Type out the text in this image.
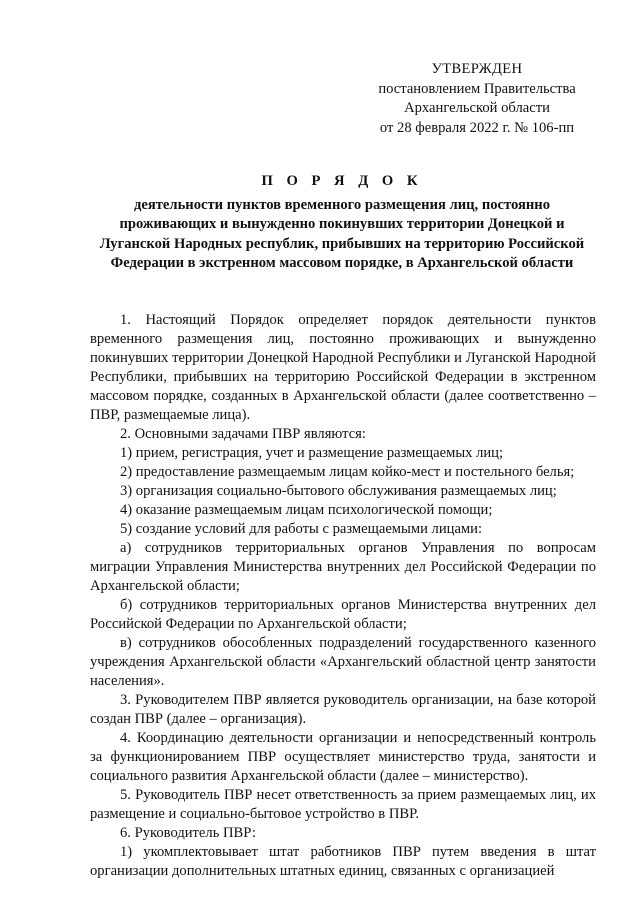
УТВЕРЖДЕН
постановлением Правительства
Архангельской области
от 28 февраля 2022 г. № 106-пп
П О Р Я Д О К
деятельности пунктов временного размещения лиц, постоянно проживающих и вынужденно покинувших территории Донецкой и Луганской Народных республик, прибывших на территорию Российской Федерации в экстренном массовом порядке, в Архангельской области

1. Настоящий Порядок определяет порядок деятельности пунктов временного размещения лиц, постоянно проживающих и вынужденно покинувших территории Донецкой Народной Республики и Луганской Народной Республики, прибывших на территорию Российской Федерации в экстренном массовом порядке, созданных в Архангельской области (далее соответственно – ПВР, размещаемые лица).

2. Основными задачами ПВР являются:

1) прием, регистрация, учет и размещение размещаемых лиц;

2) предоставление размещаемым лицам койко-мест и постельного белья;

3) организация социально-бытового обслуживания размещаемых лиц;

4) оказание размещаемым лицам психологической помощи;

5) создание условий для работы с размещаемыми лицами:

а) сотрудников территориальных органов Управления по вопросам миграции Управления Министерства внутренних дел Российской Федерации по Архангельской области;

б) сотрудников территориальных органов Министерства внутренних дел Российской Федерации по Архангельской области;

в) сотрудников обособленных подразделений государственного казенного учреждения Архангельской области «Архангельский областной центр занятости населения».

3. Руководителем ПВР является руководитель организации, на базе которой создан ПВР (далее – организация).

4. Координацию деятельности организации и непосредственный контроль за функционированием ПВР осуществляет министерство труда, занятости и социального развития Архангельской области (далее – министерство).

5. Руководитель ПВР несет ответственность за прием размещаемых лиц, их размещение и социально-бытовое устройство в ПВР.

6. Руководитель ПВР:

1) укомплектовывает штат работников ПВР путем введения в штат организации дополнительных штатных единиц, связанных с организацией
